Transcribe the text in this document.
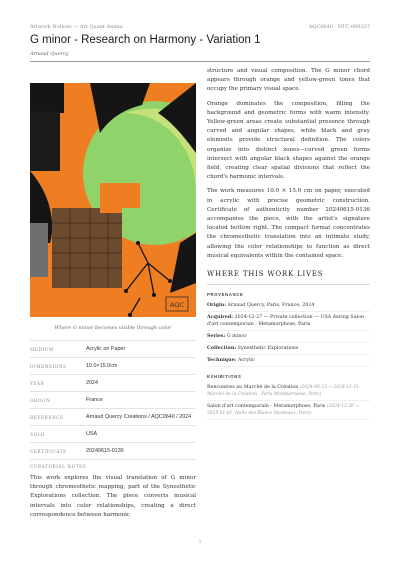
Artwork Notices — Art Quant Anima	AQC0640 · NTC-000237
G minor - Research on Harmony - Variation 1
Arnaud Quercy
AQC
Where G minor becomes visible through color
MEDIUM	Acrylic on Paper
DIMENSIONS	10.0×15.0cm
YEAR	2024
ORIGIN	France
REFERENCE	Arnaud Quercy Creations / AQC0640 / 2024
SOLD	USA
CERTIFICATE	20240615-0136
CURATORIAL NOTES
This work explores the visual translation of G minor through chromesthetic mapping, part of the Synesthetic Explorations collection. The piece converts musical intervals into color relationships, creating a direct correspondence between harmonic

structure and visual composition. The G minor chord appears through orange and yellow-green tones that occupy the primary visual space.

Orange dominates the composition, filling the background and geometric forms with warm intensity. Yellow-green areas create substantial presence through curved and angular shapes, while black and gray elements provide structural definition. The colors organize into distinct zones—curved green forms intersect with angular black shapes against the orange field, creating clear spatial divisions that reflect the chord's harmonic intervals.

The work measures 10.0 × 15.0 cm on paper, executed in acrylic with precise geometric construction. Certificate of authenticity number 20240615-0136 accompanies the piece, with the artist's signature located bottom right. The compact format concentrates the chromesthetic translation into an intimate study, allowing the color relationships to function as direct musical equivalents within the contained space.

WHERE THIS WORK LIVES
PROVENANCE
Origin: Arnaud Quercy, Paris, France, 2024
Acquired: 2024-12-27 — Private collection — USA during Salon d'art contemporain - Metamorphose, Paris
Series: G minor
Collection: Synesthetic Explorations
Technique: Acrylic
EXHIBITIONS
Rencontres au Marché de la Création (2024-06-23 → 2026-12-31, Marché de la Création - Paris Montparnasse, Paris)
Salon d'art contemporain - Metamorphose, Paris (2024-12-26 → 2025-01-01, Halle des Blancs Manteaux, Paris)
1
